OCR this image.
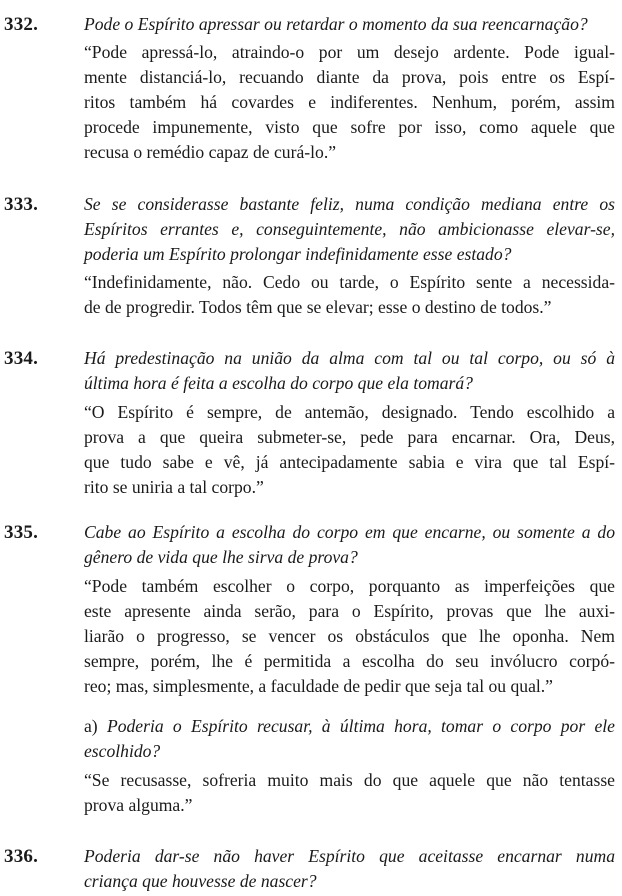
332.	Pode o Espírito apressar ou retardar o momento da sua reencarnação?
“Pode apressá-lo, atraindo-o por um desejo ardente. Pode igual-
mente distanciá-lo, recuando diante da prova, pois entre os Espí-
ritos também há covardes e indiferentes. Nenhum, porém, assim
procede impunemente, visto que sofre por isso, como aquele que
recusa o remédio capaz de curá-lo.”
333.	Se se considerasse bastante feliz, numa condição mediana entre os
Espíritos errantes e, conseguintemente, não ambicionasse elevar-se,
poderia um Espírito prolongar indefinidamente esse estado?
“Indefinidamente, não. Cedo ou tarde, o Espírito sente a necessida-
de de progredir. Todos têm que se elevar; esse o destino de todos.”
334.	Há predestinação na união da alma com tal ou tal corpo, ou só à
última hora é feita a escolha do corpo que ela tomará?
“O Espírito é sempre, de antemão, designado. Tendo escolhido a
prova a que queira submeter-se, pede para encarnar. Ora, Deus,
que tudo sabe e vê, já antecipadamente sabia e vira que tal Espí-
rito se uniria a tal corpo.”
335.	Cabe ao Espírito a escolha do corpo em que encarne, ou somente a do
gênero de vida que lhe sirva de prova?
“Pode também escolher o corpo, porquanto as imperfeições que
este apresente ainda serão, para o Espírito, provas que lhe auxi-
liarão o progresso, se vencer os obstáculos que lhe oponha. Nem
sempre, porém, lhe é permitida a escolha do seu invólucro corpó-
reo; mas, simplesmente, a faculdade de pedir que seja tal ou qual.”
a) Poderia o Espírito recusar, à última hora, tomar o corpo por ele
escolhido?
“Se recusasse, sofreria muito mais do que aquele que não tentasse
prova alguma.”
336.	Poderia dar-se não haver Espírito que aceitasse encarnar numa
criança que houvesse de nascer?
